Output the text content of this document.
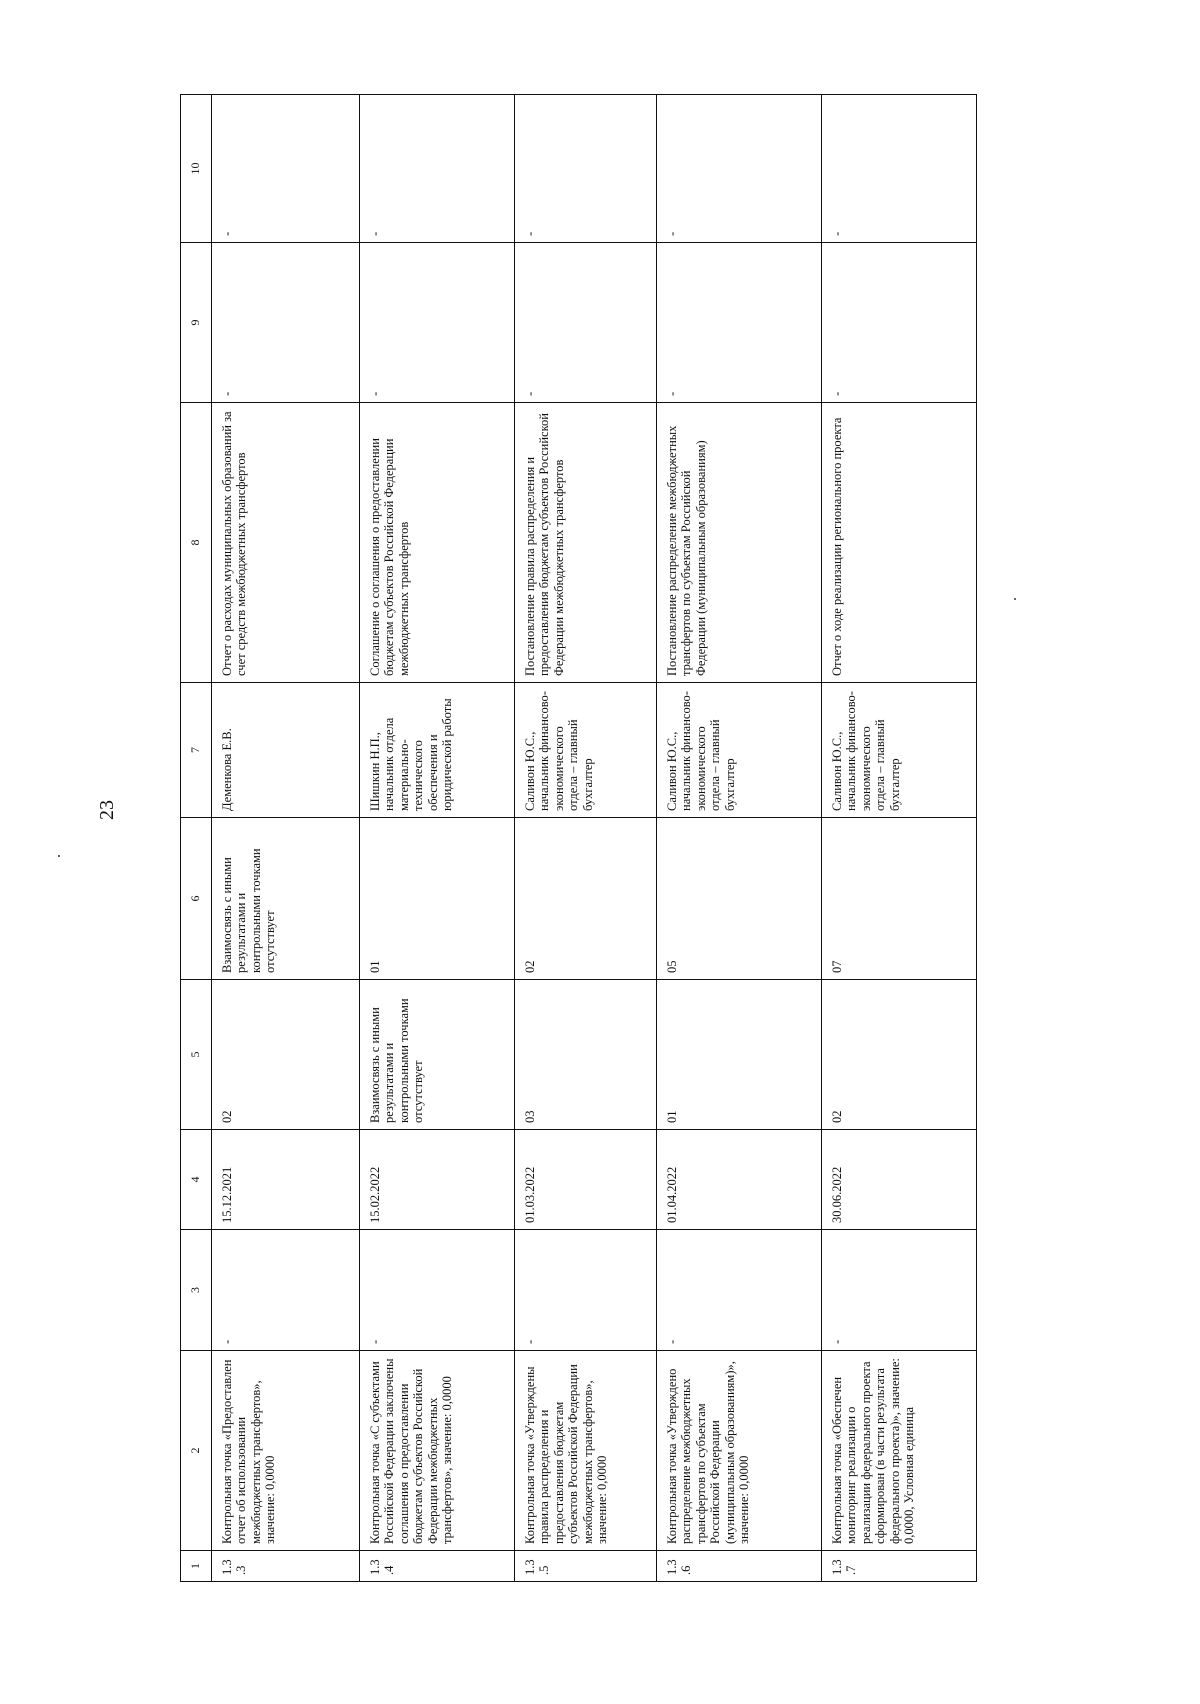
23
1	2	3	4	5	6	7	8	9	10
1.3.3	Контрольная точка «Предоставлен отчет об использовании межбюджетных трансфертов», значение: 0,0000	-	15.12.2021	02	Взаимосвязь с иными результатами и контрольными точками отсутствует	Деменкова Е.В.	Отчет о расходах муниципальных образований за счет средств межбюджетных трансфертов	-	-
1.3.4	Контрольная точка «С субъектами Российской Федерации заключены соглашения о предоставлении бюджетам субъектов Российской Федерации межбюджетных трансфертов», значение: 0,0000	-	15.02.2022	Взаимосвязь с иными результатами и контрольными точками отсутствует	01	Шишкин Н.П., начальник отдела материально-технического обеспечения и юридической работы	Соглашение о соглашения о предоставлении бюджетам субъектов Российской Федерации межбюджетных трансфертов	-	-
1.3.5	Контрольная точка «Утверждены правила распределения и предоставления бюджетам субъектов Российской Федерации межбюджетных трансфертов», значение: 0,0000	-	01.03.2022	03	02	Саливон Ю.С., начальник финансово-экономического отдела – главный бухгалтер	Постановление правила распределения и предоставления бюджетам субъектов Российской Федерации межбюджетных трансфертов	-	-
1.3.6	Контрольная точка «Утверждено распределение межбюджетных трансфертов по субъектам Российской Федерации (муниципальным образованиям)», значение: 0,0000	-	01.04.2022	01	05	Саливон Ю.С., начальник финансово-экономического отдела – главный бухгалтер	Постановление распределение межбюджетных трансфертов по субъектам Российской Федерации (муниципальным образованиям)	-	-
1.3.7	Контрольная точка «Обеспечен мониторинг реализации о реализации федерального проекта сформирован (в части результата федерального проекта)», значение: 0,0000, Условная единица	-	30.06.2022	02	07	Саливон Ю.С., начальник финансово-экономического отдела – главный бухгалтер	Отчет о ходе реализации регионального проекта	-	-
